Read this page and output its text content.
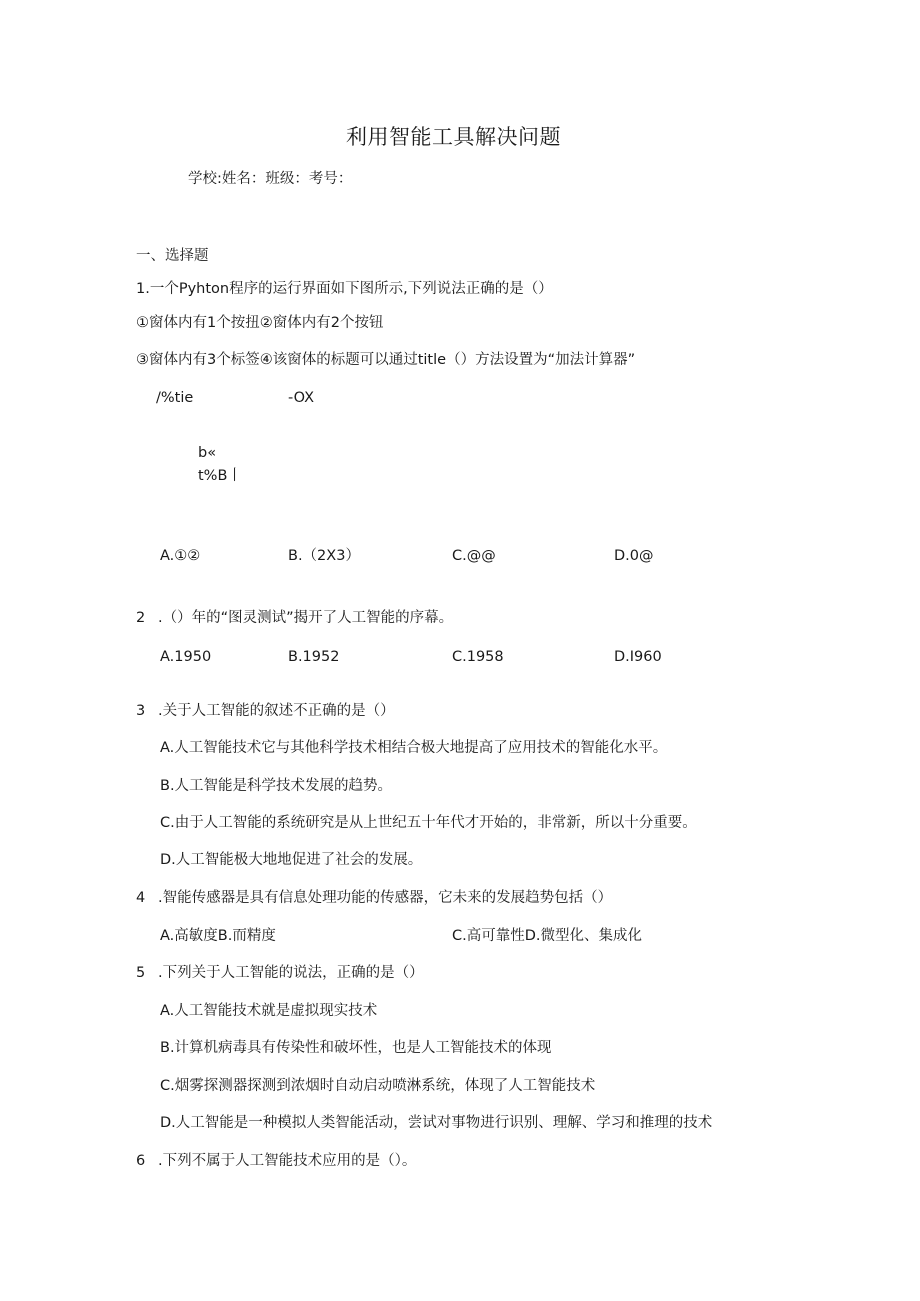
利用智能工具解决问题
学校:姓名：班级：考号：
一、选择题
1.一个Pyhton程序的运行界面如下图所示,下列说法正确的是（）
①窗体内有1个按扭②窗体内有2个按钮
③窗体内有3个标签④该窗体的标题可以通过title（）方法设置为“加法计算器”
/%tie	-OX
b«
t%B丨
A.①②	B.（2X3）	C.@@	D.0@
2 .（）年的“图灵测试”揭开了人工智能的序幕。
A.1950	B.1952	C.1958	D.I960
3 .关于人工智能的叙述不正确的是（）
A.人工智能技术它与其他科学技术相结合极大地提高了应用技术的智能化水平。
B.人工智能是科学技术发展的趋势。
C.由于人工智能的系统研究是从上世纪五十年代才开始的，非常新，所以十分重要。
D.人工智能极大地地促进了社会的发展。
4 .智能传感器是具有信息处理功能的传感器，它未来的发展趋势包括（）
A.高敏度B.而精度	C.高可靠性D.微型化、集成化
5 .下列关于人工智能的说法，正确的是（）
A.人工智能技术就是虚拟现实技术
B.计算机病毒具有传染性和破坏性，也是人工智能技术的体现
C.烟雾探测器探测到浓烟时自动启动喷淋系统，体现了人工智能技术
D.人工智能是一种模拟人类智能活动，尝试对事物进行识别、理解、学习和推理的技术
6 .下列不属于人工智能技术应用的是（）。
